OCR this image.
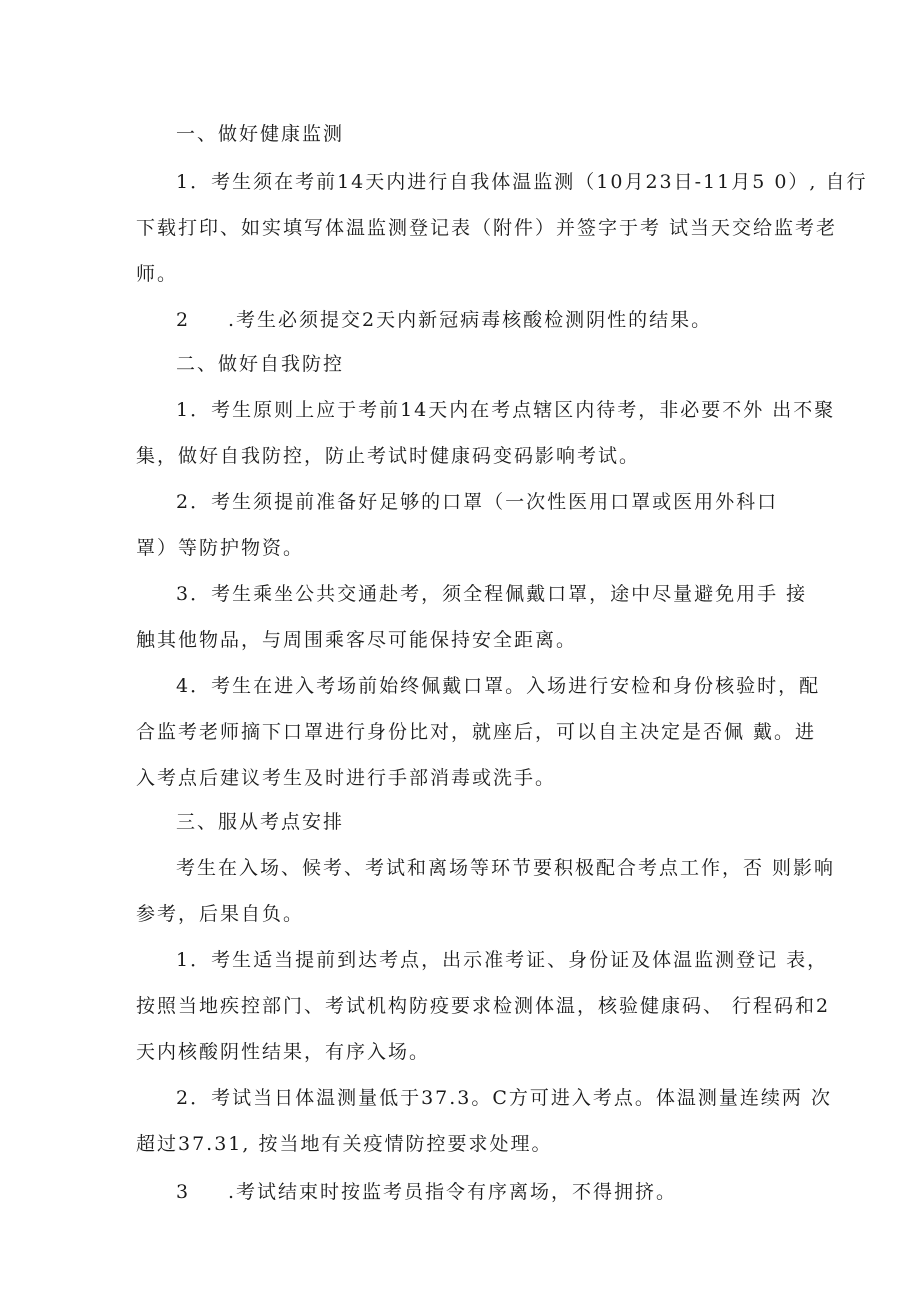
一、做好健康监测
1．考生须在考前14天内进行自我体温监测（10月23日-11月5 0）, 自行
下载打印、如实填写体温监测登记表（附件）并签字于考 试当天交给监考老
师。
2 .考生必须提交2天内新冠病毒核酸检测阴性的结果。
二、做好自我防控
1．考生原则上应于考前14天内在考点辖区内待考，非必要不外 出不聚
集，做好自我防控，防止考试时健康码变码影响考试。
2．考生须提前准备好足够的口罩（一次性医用口罩或医用外科口
罩）等防护物资。
3．考生乘坐公共交通赴考，须全程佩戴口罩，途中尽量避免用手 接
触其他物品，与周围乘客尽可能保持安全距离。
4．考生在进入考场前始终佩戴口罩。入场进行安检和身份核验时，配
合监考老师摘下口罩进行身份比对，就座后，可以自主决定是否佩 戴。进
入考点后建议考生及时进行手部消毒或洗手。
三、服从考点安排
考生在入场、候考、考试和离场等环节要积极配合考点工作，否 则影响
参考，后果自负。
1．考生适当提前到达考点，出示准考证、身份证及体温监测登记 表，
按照当地疾控部门、考试机构防疫要求检测体温，核验健康码、 行程码和2
天内核酸阴性结果，有序入场。
2．考试当日体温测量低于37.3。C方可进入考点。体温测量连续两 次
超过37.31, 按当地有关疫情防控要求处理。
3 .考试结束时按监考员指令有序离场，不得拥挤。
